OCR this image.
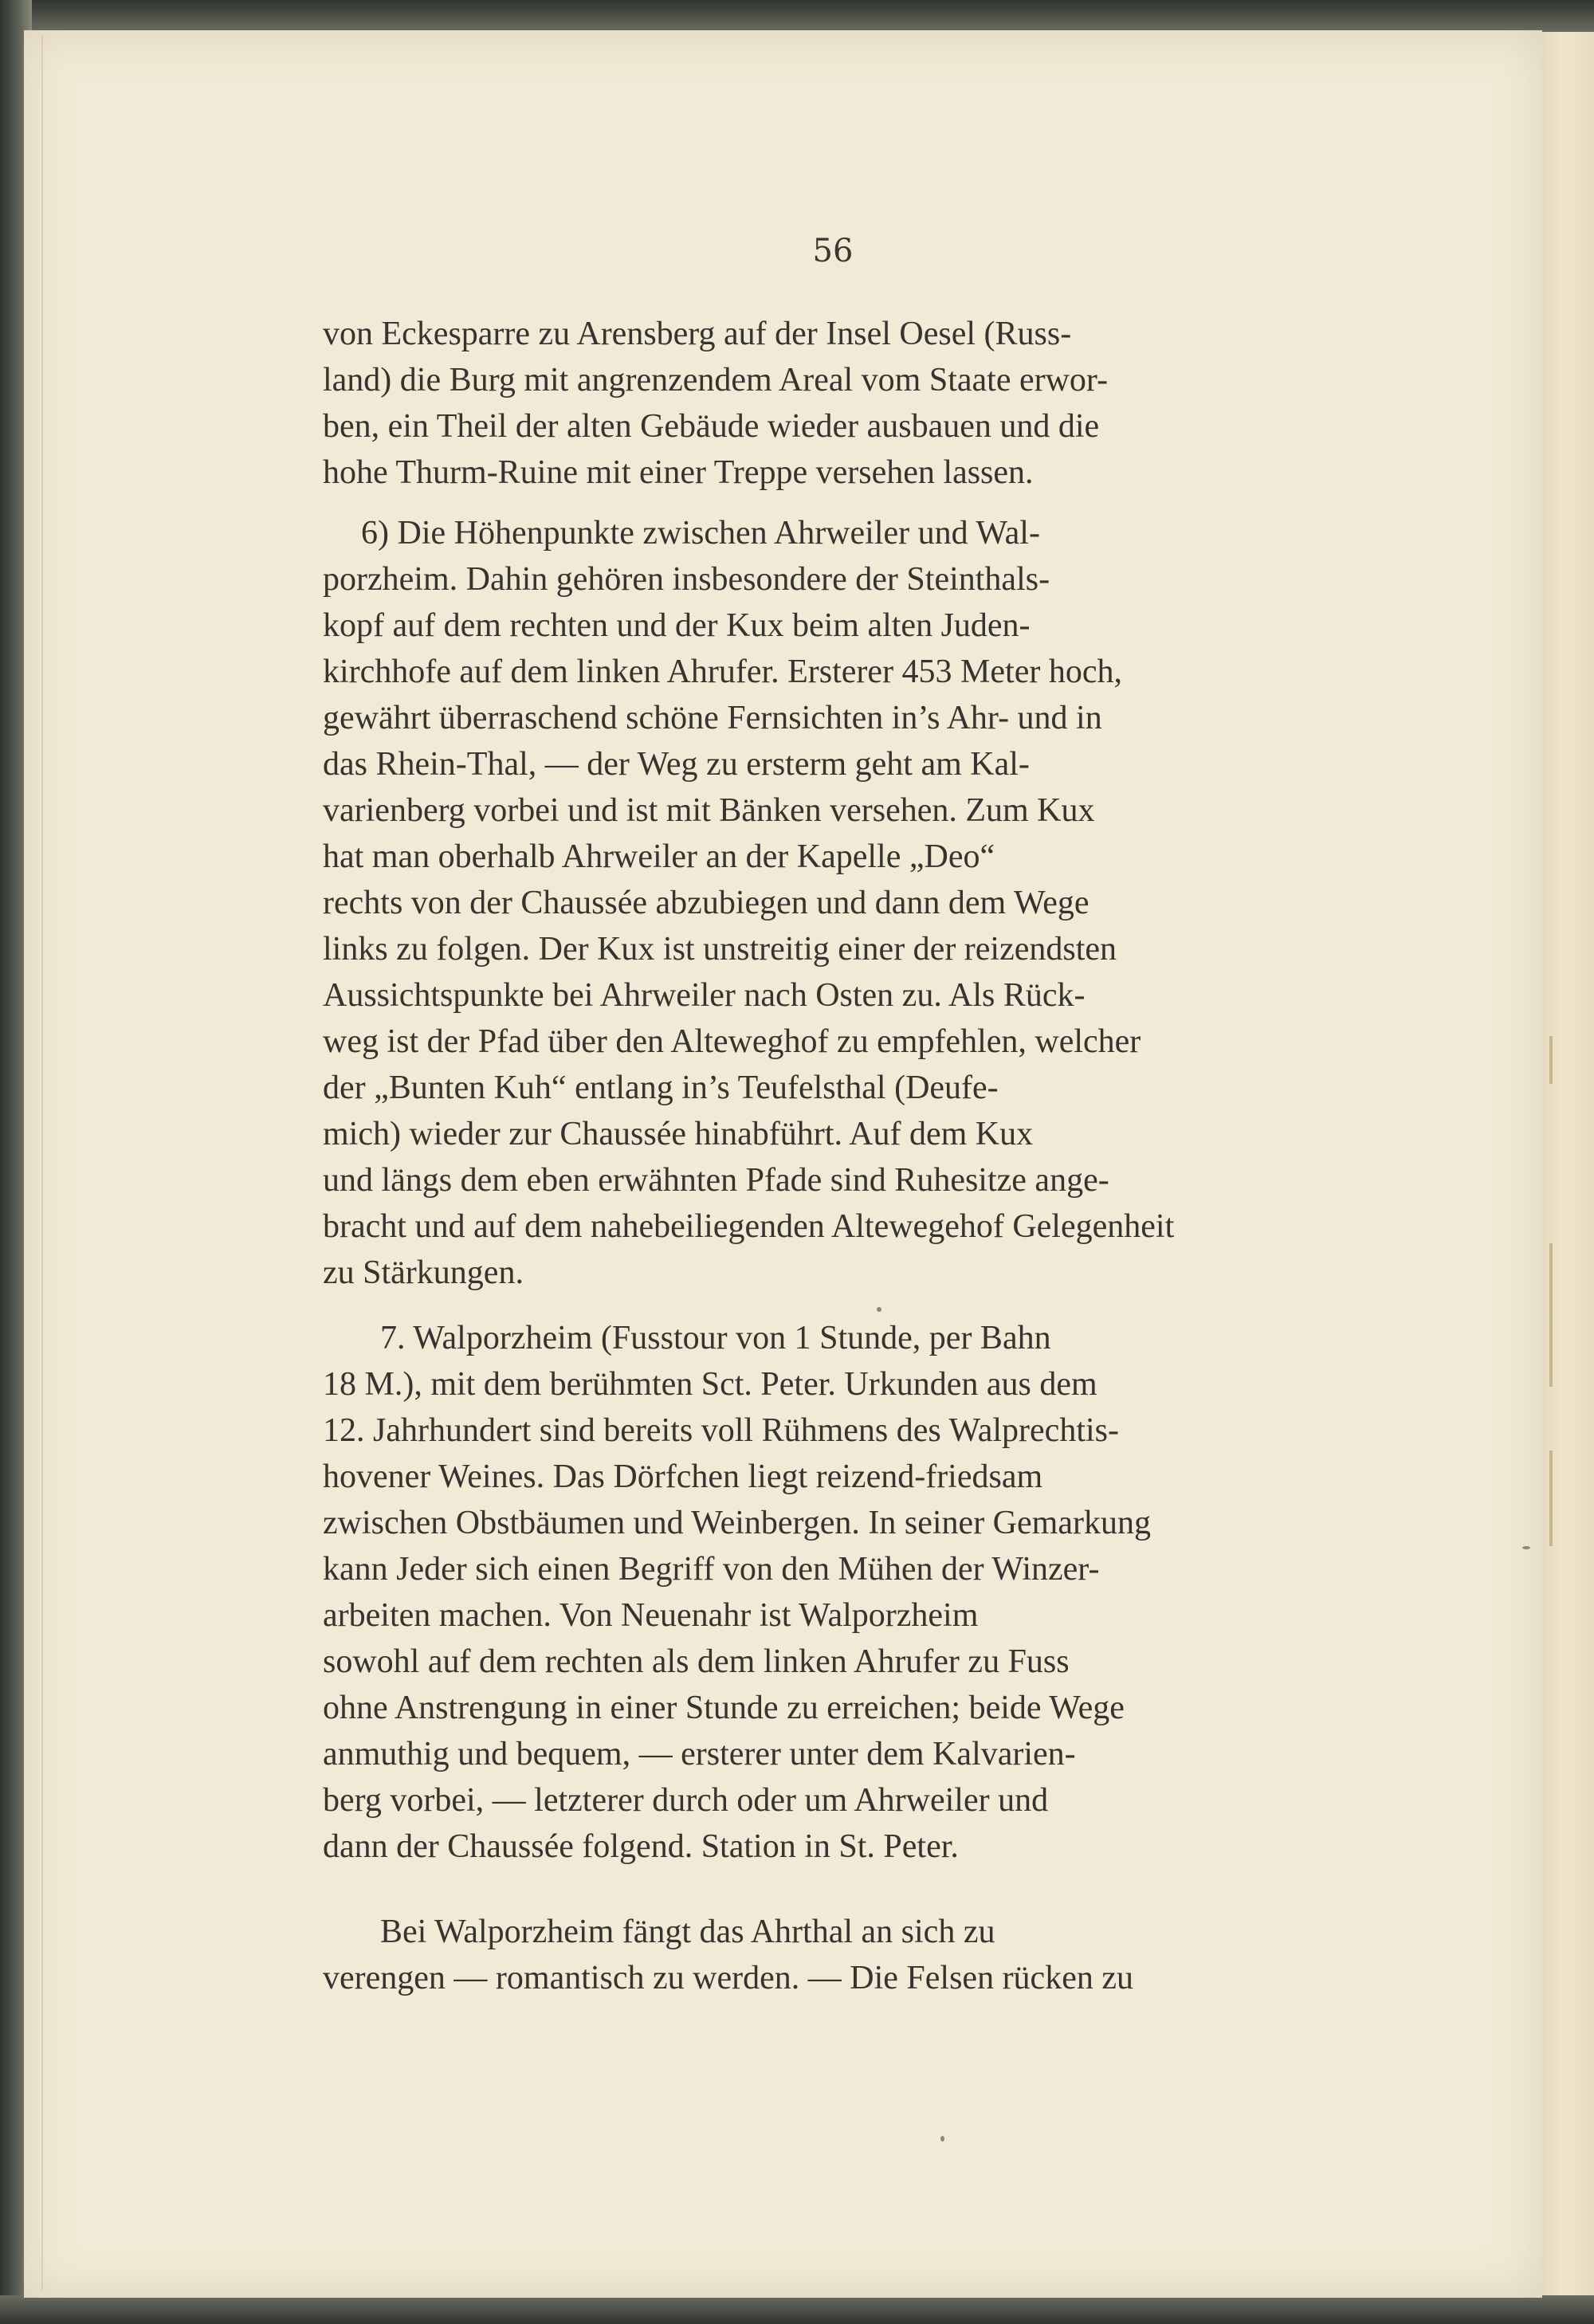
56
von Eckesparre zu Arensberg auf der Insel Oesel (Russ-
land) die Burg mit angrenzendem Areal vom Staate erwor-
ben, ein Theil der alten Gebäude wieder ausbauen und die
hohe Thurm-Ruine mit einer Treppe versehen lassen.
6) Die Höhenpunkte zwischen Ahrweiler und Wal-
porzheim. Dahin gehören insbesondere der Steinthals-
kopf auf dem rechten und der Kux beim alten Juden-
kirchhofe auf dem linken Ahrufer. Ersterer 453 Meter hoch,
gewährt überraschend schöne Fernsichten in’s Ahr- und in
das Rhein-Thal, — der Weg zu ersterm geht am Kal-
varienberg vorbei und ist mit Bänken versehen. Zum Kux
hat man oberhalb Ahrweiler an der Kapelle „Deo“
rechts von der Chaussée abzubiegen und dann dem Wege
links zu folgen. Der Kux ist unstreitig einer der reizendsten
Aussichtspunkte bei Ahrweiler nach Osten zu. Als Rück-
weg ist der Pfad über den Alteweghof zu empfehlen, welcher
der „Bunten Kuh“ entlang in’s Teufelsthal (Deufe-
mich) wieder zur Chaussée hinabführt. Auf dem Kux
und längs dem eben erwähnten Pfade sind Ruhesitze ange-
bracht und auf dem nahebeiliegenden Altewegehof Gelegenheit
zu Stärkungen.
7. Walporzheim (Fusstour von 1 Stunde, per Bahn
18 M.), mit dem berühmten Sct. Peter. Urkunden aus dem
12. Jahrhundert sind bereits voll Rühmens des Walprechtis-
hovener Weines. Das Dörfchen liegt reizend-friedsam
zwischen Obstbäumen und Weinbergen. In seiner Gemarkung
kann Jeder sich einen Begriff von den Mühen der Winzer-
arbeiten machen. Von Neuenahr ist Walporzheim
sowohl auf dem rechten als dem linken Ahrufer zu Fuss
ohne Anstrengung in einer Stunde zu erreichen; beide Wege
anmuthig und bequem, — ersterer unter dem Kalvarien-
berg vorbei, — letzterer durch oder um Ahrweiler und
dann der Chaussée folgend. Station in St. Peter.
Bei Walporzheim fängt das Ahrthal an sich zu
verengen — romantisch zu werden. — Die Felsen rücken zu
